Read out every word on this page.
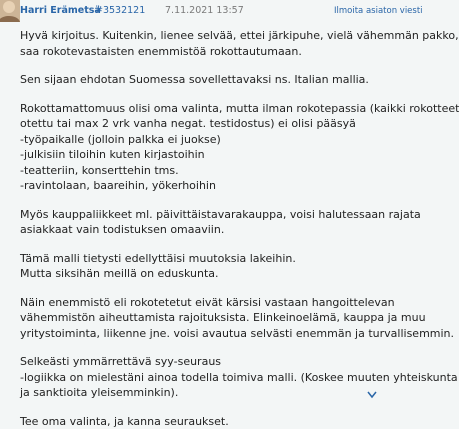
Harri Erämetsä
#3532121 7.11.2021 13:57	Ilmoita asiaton viesti
Hyvä kirjoitus. Kuitenkin, lienee selvää, ettei järkipuhe, vielä vähemmän pakko,
saa rokotevastaisten enemmistöä rokottautumaan.
Sen sijaan ehdotan Suomessa sovellettavaksi ns. Italian mallia.
Rokottamattomuus olisi oma valinta, mutta ilman rokotepassia (kaikki rokotteet
otettu tai max 2 vrk vanha negat. testidostus) ei olisi pääsyä
-työpaikalle (jolloin palkka ei juokse)
-julkisiin tiloihin kuten kirjastoihin
-teatteriin, konserttehin tms.
-ravintolaan, baareihin, yökerhoihin
Myös kauppaliikkeet ml. päivittäistavarakauppa, voisi halutessaan rajata
asiakkaat vain todistuksen omaaviin.
Tämä malli tietysti edellyttäisi muutoksia lakeihin.
Mutta siksihän meillä on eduskunta.
Näin enemmistö eli rokotetetut eivät kärsisi vastaan hangoittelevan
vähemmistön aiheuttamista rajoituksista. Elinkeinoelämä, kauppa ja muu
yritystoiminta, liikenne jne. voisi avautua selvästi enemmän ja turvallisemmin.
Selkeästi ymmärrettävä syy-seuraus
-logiikka on mielestäni ainoa todella toimiva malli. (Koskee muuten yhteiskunta
ja sanktioita yleisemminkin).
Tee oma valinta, ja kanna seuraukset.
